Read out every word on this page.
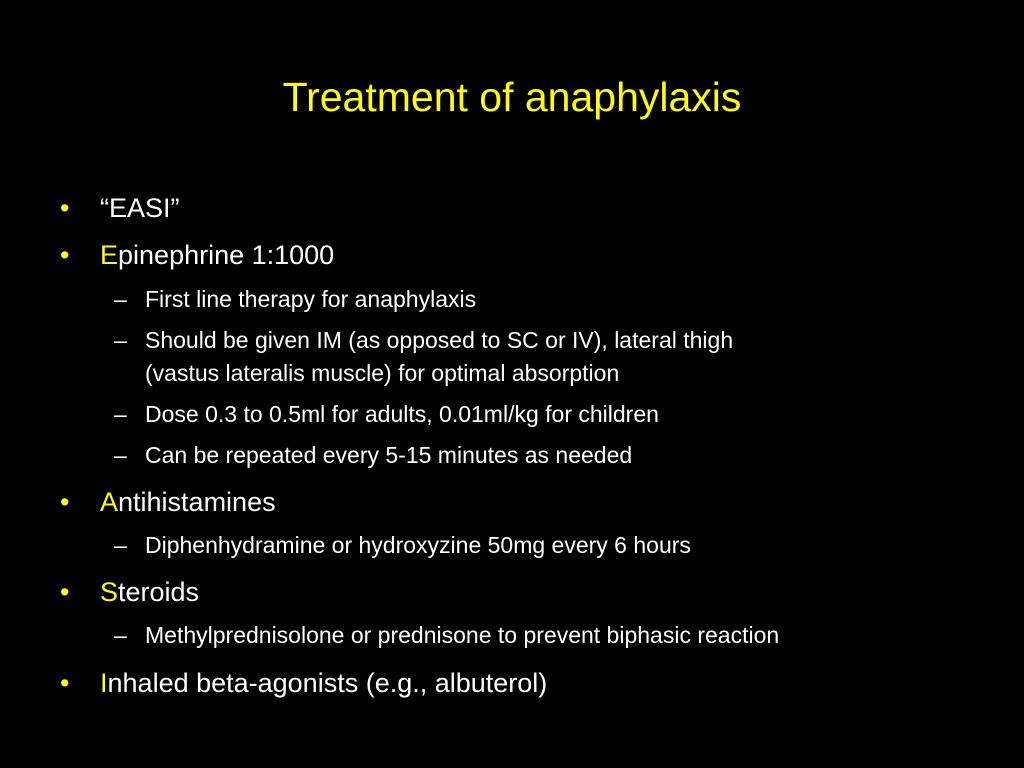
Treatment of anaphylaxis
• “EASI”
• Epinephrine 1:1000
– First line therapy for anaphylaxis
– Should be given IM (as opposed to SC or IV), lateral thigh
(vastus lateralis muscle) for optimal absorption
– Dose 0.3 to 0.5ml for adults, 0.01ml/kg for children
– Can be repeated every 5-15 minutes as needed
• Antihistamines
– Diphenhydramine or hydroxyzine 50mg every 6 hours
• Steroids
– Methylprednisolone or prednisone to prevent biphasic reaction
• Inhaled beta-agonists (e.g., albuterol)
